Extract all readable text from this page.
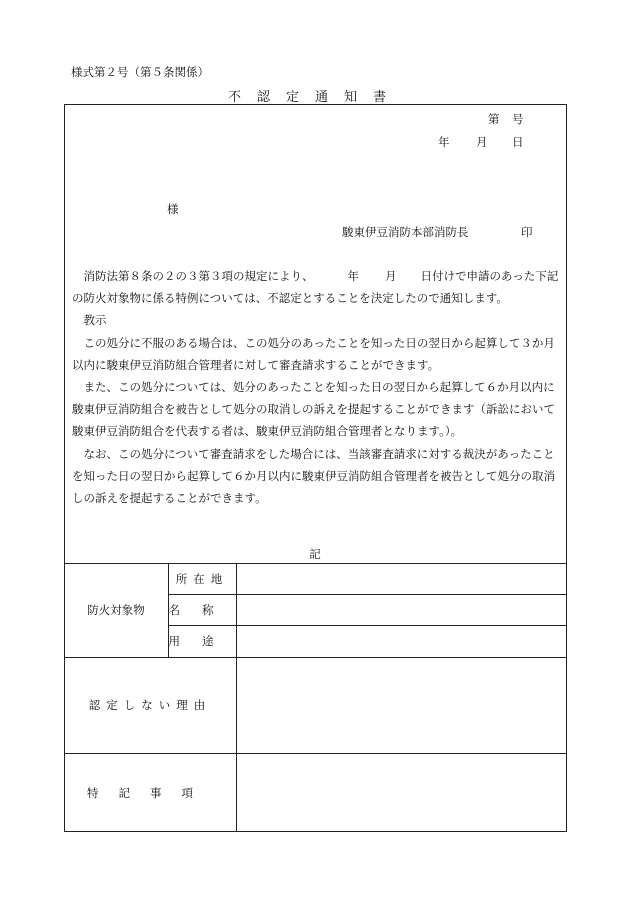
様式第２号（第５条関係）
不認定通知書
第 号
年 月 日
様
駿東伊豆消防本部消防長	印

消防法第８条の２の３第３項の規定により、	年 月 日付けで申請のあった下記の防火対象物に係る特例については、不認定とすることを決定したので通知します。

教示

この処分に不服のある場合は、この処分のあったことを知った日の翌日から起算して３か月以内に駿東伊豆消防組合管理者に対して審査請求することができます。

また、この処分については、処分のあったことを知った日の翌日から起算して６か月以内に駿東伊豆消防組合を被告として処分の取消しの訴えを提起することができます（訴訟において駿東伊豆消防組合を代表する者は、駿東伊豆消防組合管理者となります。）。

なお、この処分について審査請求をした場合には、当該審査請求に対する裁決があったことを知った日の翌日から起算して６か月以内に駿東伊豆消防組合管理者を被告として処分の取消しの訴えを提起することができます。

記
防火対象物
所在地
名称
用途
認定しない理由
特記事項
